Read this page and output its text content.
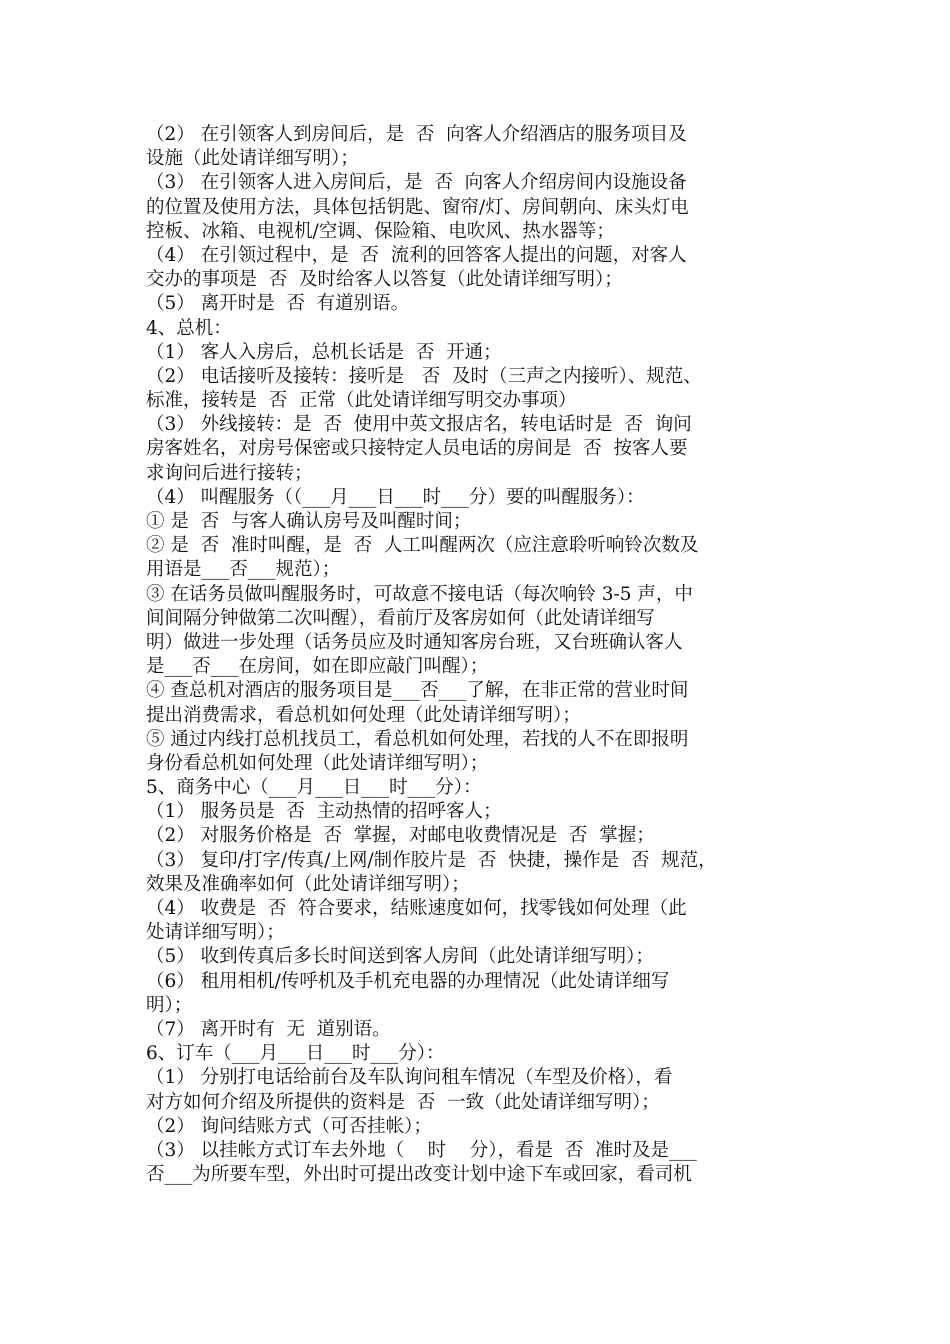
（2） 在引领客人到房间后，是  否  向客人介绍酒店的服务项目及
设施（此处请详细写明）；
（3） 在引领客人进入房间后，是  否  向客人介绍房间内设施设备
的位置及使用方法，具体包括钥匙、窗帘/灯、房间朝向、床头灯电
控板、冰箱、电视机/空调、保险箱、电吹风、热水器等；
（4） 在引领过程中，是  否  流利的回答客人提出的问题，对客人
交办的事项是  否  及时给客人以答复（此处请详细写明）；
（5） 离开时是  否  有道别语。
4、总机：
（1） 客人入房后，总机长话是  否  开通；
（2） 电话接听及接转：接听是   否  及时（三声之内接听）、规范、
标准，接转是  否  正常（此处请详细写明交办事项）
（3） 外线接转：是  否  使用中英文报店名，转电话时是  否  询问
房客姓名，对房号保密或只接特定人员电话的房间是  否  按客人要
求询问后进行接转；
（4） 叫醒服务（（___月___日___时___分）要的叫醒服务）：
① 是  否  与客人确认房号及叫醒时间；
② 是  否  准时叫醒，是  否  人工叫醒两次（应注意聆听响铃次数及
用语是___否___规范）；
③ 在话务员做叫醒服务时，可故意不接电话（每次响铃 3-5 声，中
间间隔分钟做第二次叫醒），看前厅及客房如何（此处请详细写
明）做进一步处理（话务员应及时通知客房台班，又台班确认客人
是___否___在房间，如在即应敲门叫醒）；
④ 查总机对酒店的服务项目是___否___了解，在非正常的营业时间
提出消费需求，看总机如何处理（此处请详细写明）；
⑤ 通过内线打总机找员工，看总机如何处理，若找的人不在即报明
身份看总机如何处理（此处请详细写明）；
5、商务中心（___月___日___时___分）：
（1） 服务员是  否  主动热情的招呼客人；
（2） 对服务价格是  否  掌握，对邮电收费情况是  否  掌握；
（3） 复印/打字/传真/上网/制作胶片是  否  快捷，操作是  否  规范，
效果及准确率如何（此处请详细写明）；
（4） 收费是  否  符合要求，结账速度如何，找零钱如何处理（此
处请详细写明）；
（5） 收到传真后多长时间送到客人房间（此处请详细写明）；
（6） 租用相机/传呼机及手机充电器的办理情况（此处请详细写
明）；
（7） 离开时有  无  道别语。
6、订车（___月___日___时___分）：
（1） 分别打电话给前台及车队询问租车情况（车型及价格），看
对方如何介绍及所提供的资料是  否  一致（此处请详细写明）；
（2） 询问结账方式（可否挂帐）；
（3） 以挂帐方式订车去外地（    时    分），看是  否  准时及是___
否___为所要车型，外出时可提出改变计划中途下车或回家，看司机
